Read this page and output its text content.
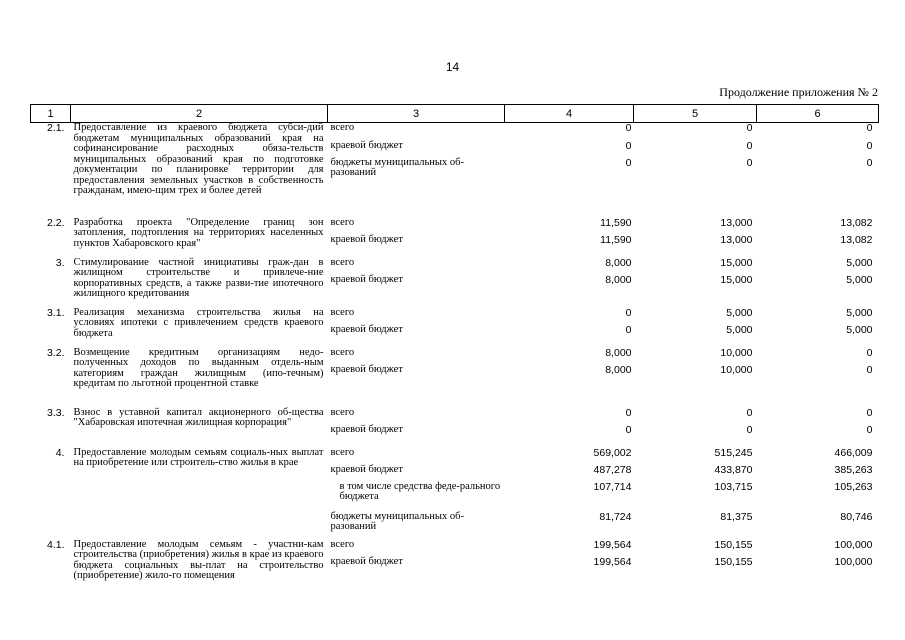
14
Продолжение приложения № 2
1	2	3	4	5	6
2.1.	Предоставление из краевого бюджета субси-дий бюджетам муниципальных образований края на софинансирование расходных обяза-тельств муниципальных образований края по подготовке документации по планировке территории для предоставления земельных участков в собственность гражданам, имею-щим трех и более детей	всего	0	0	0
		краевой бюджет	0	0	0
		бюджеты муниципальных об-разований	0	0	0
2.2.	Разработка проекта "Определение границ зон затопления, подтопления на территориях населенных пунктов Хабаровского края"	всего	11,590	13,000	13,082
		краевой бюджет	11,590	13,000	13,082
3.	Стимулирование частной инициативы граж-дан в жилищном строительстве и привлече-ние корпоративных средств, а также разви-тие ипотечного жилищного кредитования	всего	8,000	15,000	5,000
		краевой бюджет	8,000	15,000	5,000
3.1.	Реализация механизма строительства жилья на условиях ипотеки с привлечением средств краевого бюджета	всего	0	5,000	5,000
		краевой бюджет	0	5,000	5,000
3.2.	Возмещение кредитным организациям недо-полученных доходов по выданным отдель-ным категориям граждан жилищным (ипо-течным) кредитам по льготной процентной ставке	всего	8,000	10,000	0
		краевой бюджет	8,000	10,000	0
3.3.	Взнос в уставной капитал акционерного об-щества "Хабаровская ипотечная жилищная корпорация"	всего	0	0	0
		краевой бюджет	0	0	0
4.	Предоставление молодым семьям социаль-ных выплат на приобретение или строитель-ство жилья в крае	всего	569,002	515,245	466,009
		краевой бюджет	487,278	433,870	385,263
		в том числе средства феде-рального бюджета	107,714	103,715	105,263
		бюджеты муниципальных об-разований	81,724	81,375	80,746
4.1.	Предоставление молодым семьям - участни-кам строительства (приобретения) жилья в крае из краевого бюджета социальных вы-плат на строительство (приобретение) жило-го помещения	всего	199,564	150,155	100,000
		краевой бюджет	199,564	150,155	100,000
